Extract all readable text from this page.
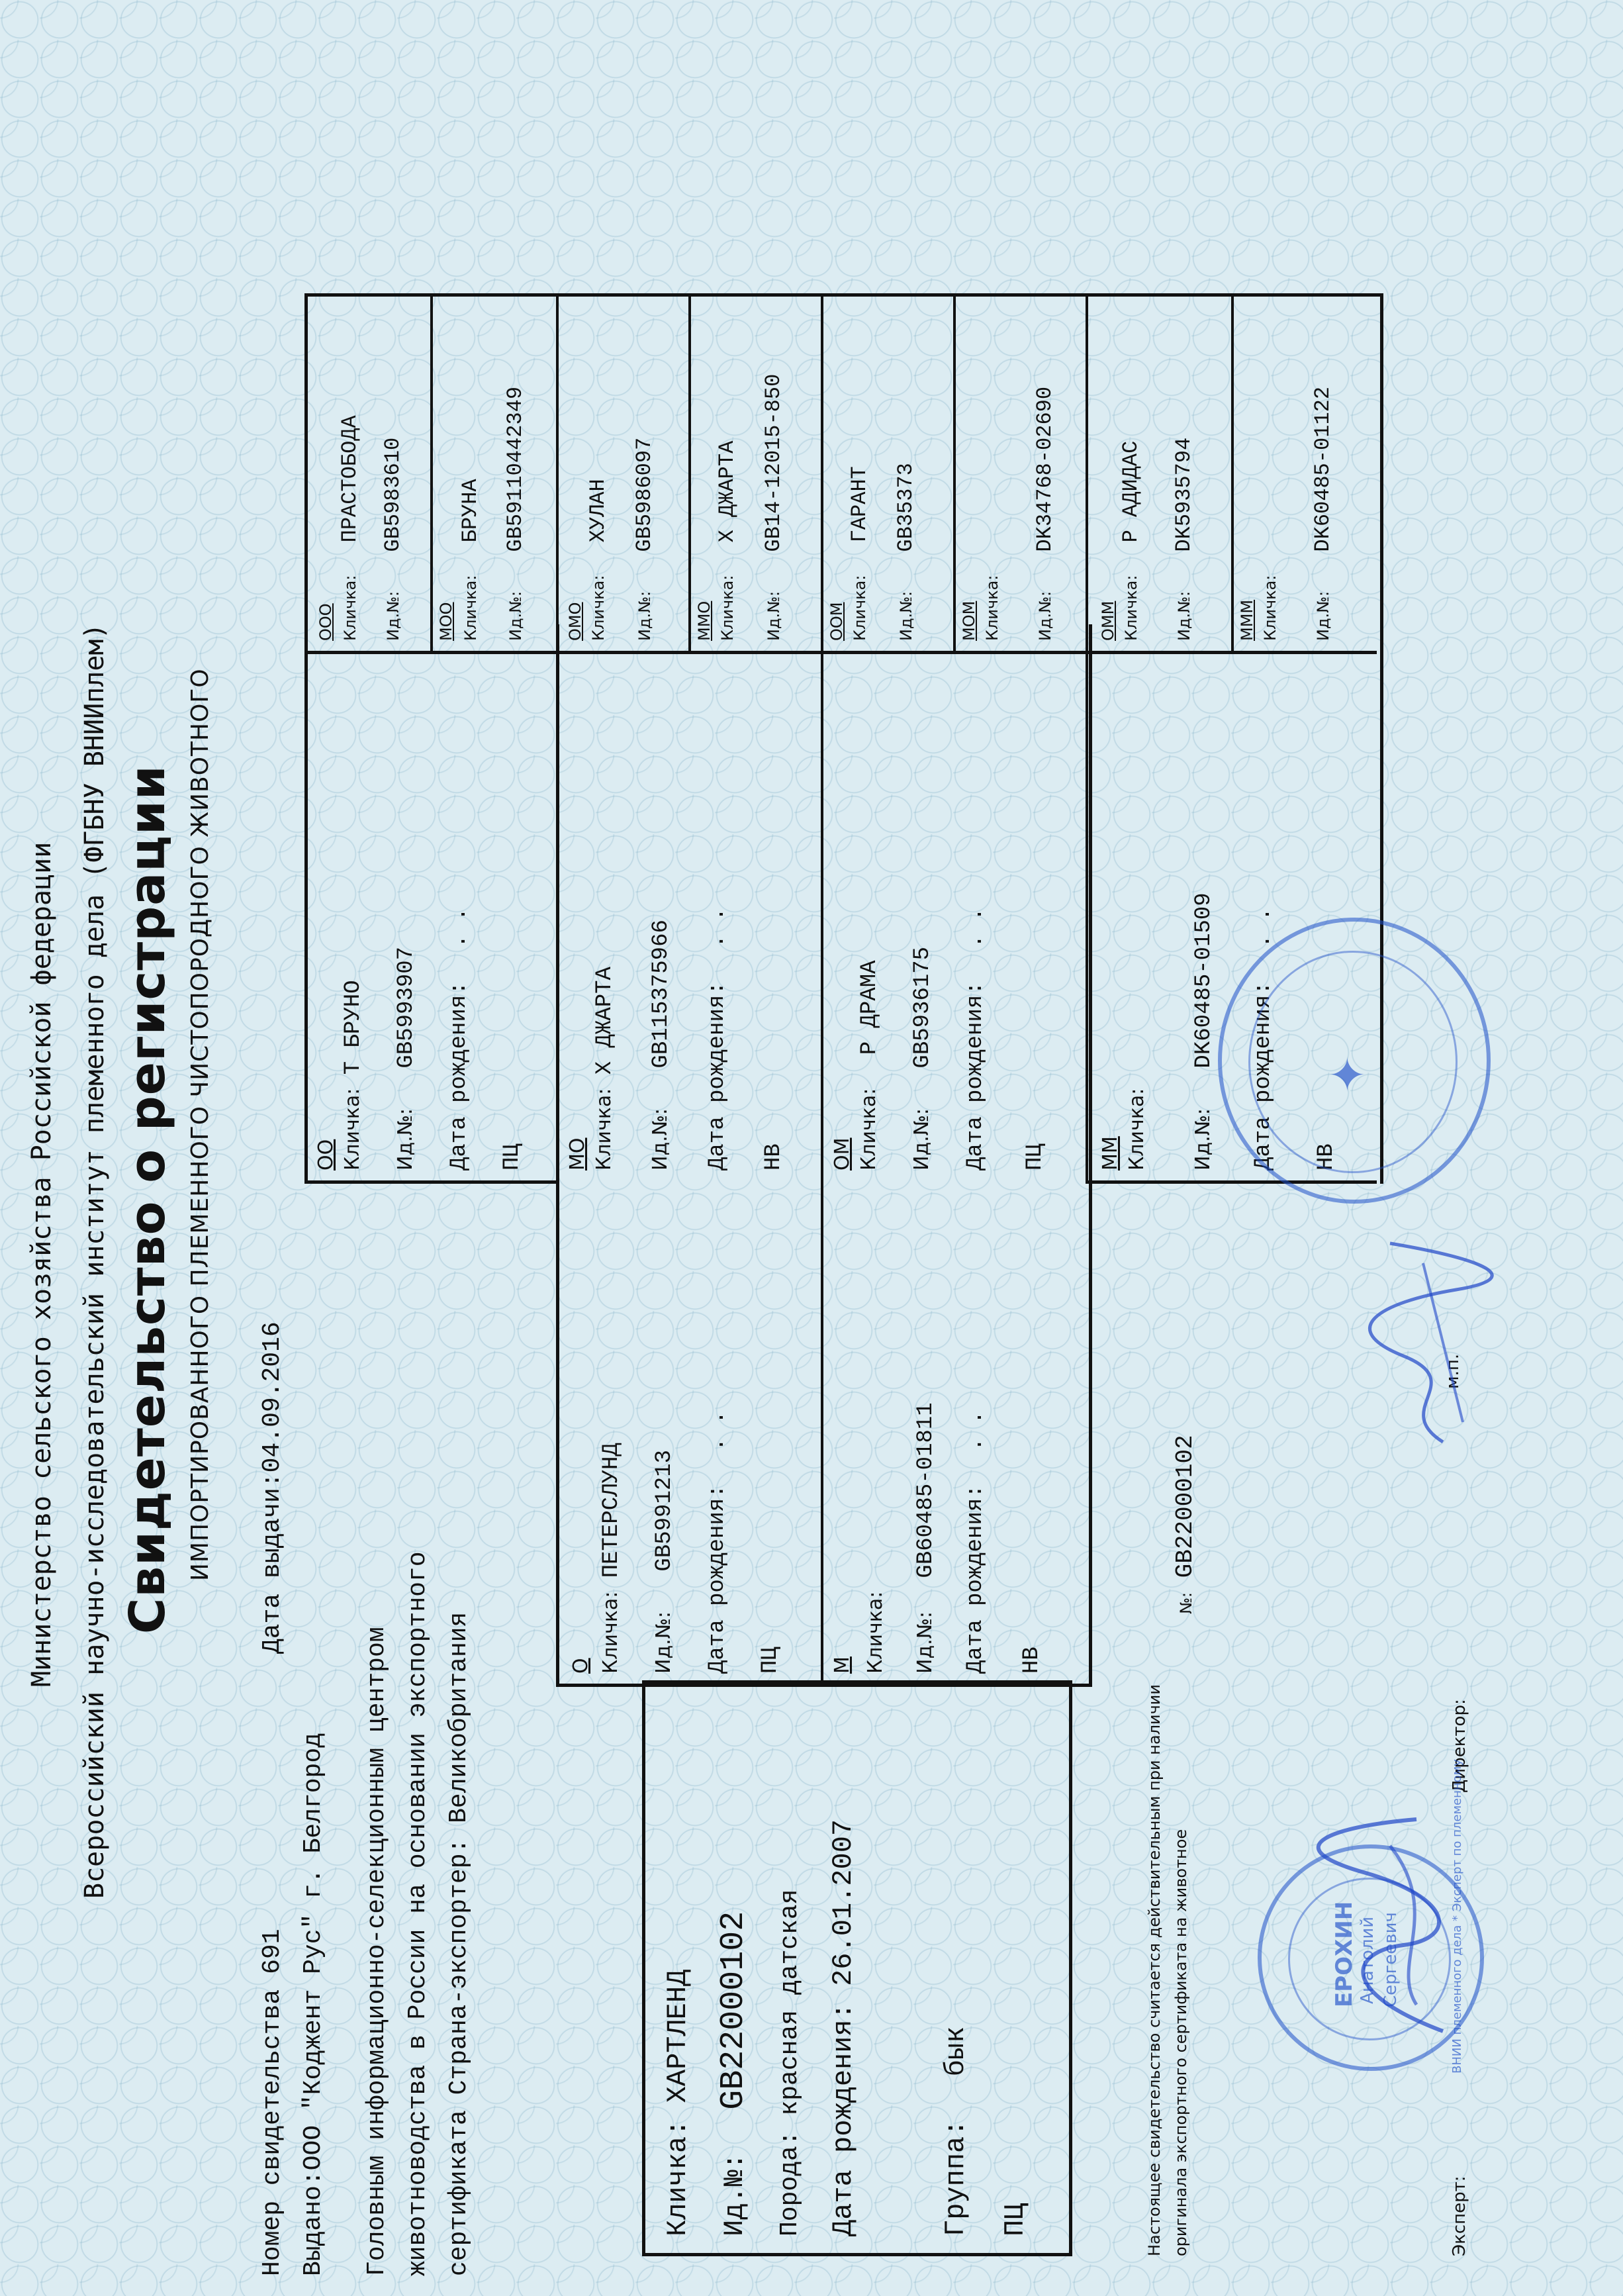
Министерство сельского хозяйства Российской федерации Всероссийский научно-исследовательский институт племенного дела (ФГБНУ ВНИИплем) Свидетельство о регистрации ИМПОРТИРОВАННОГО ПЛЕМЕННОГО ЧИСТОПОРОДНОГО ЖИВОТНОГО
Номер свидетельства 691
Дата выдачи:04.09.2016
Выдано:ООО "Коджент Рус" г. Белгород Головным информационно-селекционным центром животноводства в России на основании экспортного сертификата Страна-экспортер: Великобритания	Кличка: ХАРТЛЕНД
Ид.№: GB22000102
Порода: красная датская
Дата рождения: 26.01.2007
Группа: бык
ПЦ
О Кличка: ПЕТЕРСЛУНД
Ид.№: GB5991213 Дата рождения: . .
ПЦ М Кличка: Ид.№: GB60485-01811 Дата рождения: . .
НВ
ОО Кличка: Т БРУНО
Ид.№: GB5993907 Дата рождения: . .
ПЦ МО Кличка: Х ДЖАРТА
Ид.№: GB115375966 Дата рождения: . .
НВ ОМ Кличка: Р ДРАМА
Ид.№: GB5936175 Дата рождения: . .
ПЦ	ММ Кличка: Ид.№: DK60485-01509
Дата рождения: . .
НВ
ООО Кличка: ПРАСТОБОДА
Ид.№: GB5983610
МОО Кличка: БРУНА
Ид.№: GB5911044234‌9
ОМО Кличка: ХУЛАН
Ид.№: GB5986097
ММО Кличка: Х ДЖАРТА
Ид.№: GB14-12015-850
ООМ Кличка: ГАРАНТ
Ид.№: GB35373
МОМ Кличка: Ид.№: DK34768-02690
ОММ Кличка: Р АДИДАС
Ид.№: DK5935794
МММ Кличка: Ид.№: DK60485-01122
Настоящее свидетельство считается действительным при наличии оригинала экспортного сертификата на животное
№: GB22000102
м.п.
Эксперт:
Директор:
✦
ЕРОХИН Анатолий Сергеевич	ВНИИ племенного дела * Эксперт по племенному
